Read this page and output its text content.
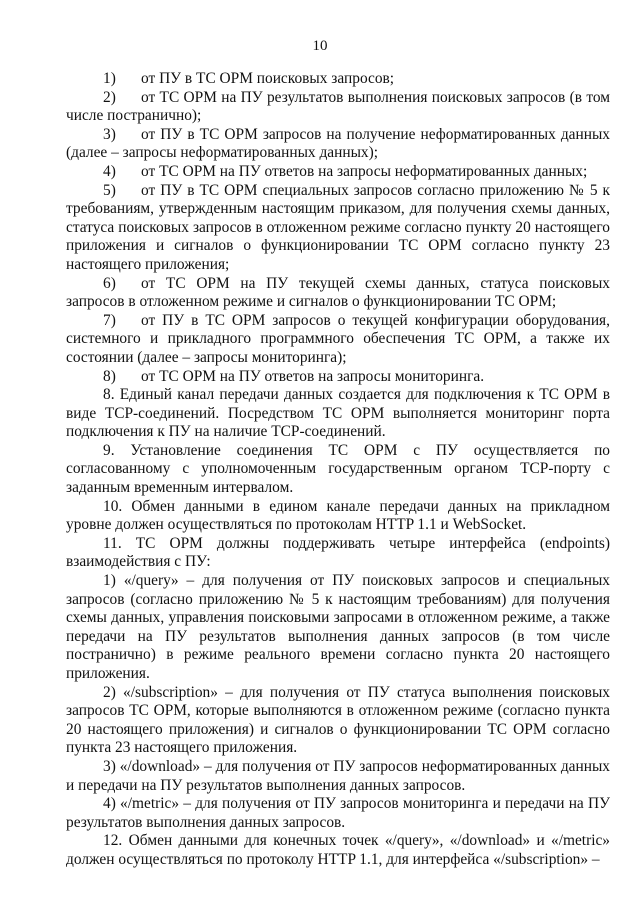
10

1) от ПУ в ТС ОРМ поисковых запросов;

2) от ТС ОРМ на ПУ результатов выполнения поисковых запросов (в том числе постранично);

3) от ПУ в ТС ОРМ запросов на получение неформатированных данных (далее – запросы неформатированных данных);

4) от ТС ОРМ на ПУ ответов на запросы неформатированных данных;

5) от ПУ в ТС ОРМ специальных запросов согласно приложению № 5 к требованиям, утвержденным настоящим приказом, для получения схемы данных, статуса поисковых запросов в отложенном режиме согласно пункту 20 настоящего приложения и сигналов о функционировании ТС ОРМ согласно пункту 23 настоящего приложения;

6) от ТС ОРМ на ПУ текущей схемы данных, статуса поисковых запросов в отложенном режиме и сигналов о функционировании ТС ОРМ;

7) от ПУ в ТС ОРМ запросов о текущей конфигурации оборудования, системного и прикладного программного обеспечения ТС ОРМ, а также их состоянии (далее – запросы мониторинга);

8) от ТС ОРМ на ПУ ответов на запросы мониторинга.

8. Единый канал передачи данных создается для подключения к ТС ОРМ в виде TCP-соединений. Посредством ТС ОРМ выполняется мониторинг порта подключения к ПУ на наличие TCP-соединений.

9. Установление соединения ТС ОРМ с ПУ осуществляется по согласованному с уполномоченным государственным органом TCP-порту с заданным временным интервалом.

10. Обмен данными в едином канале передачи данных на прикладном уровне должен осуществляться по протоколам HTTP 1.1 и WebSocket.

11. ТС ОРМ должны поддерживать четыре интерфейса (endpoints) взаимодействия с ПУ:

1) «/query» – для получения от ПУ поисковых запросов и специальных запросов (согласно приложению № 5 к настоящим требованиям) для получения схемы данных, управления поисковыми запросами в отложенном режиме, а также передачи на ПУ результатов выполнения данных запросов (в том числе постранично) в режиме реального времени согласно пункта 20 настоящего приложения.

2) «/subscription» – для получения от ПУ статуса выполнения поисковых запросов ТС ОРМ, которые выполняются в отложенном режиме (согласно пункта 20 настоящего приложения) и сигналов о функционировании ТС ОРМ согласно пункта 23 настоящего приложения.

3) «/download» – для получения от ПУ запросов неформатированных данных и передачи на ПУ результатов выполнения данных запросов.

4) «/metric» – для получения от ПУ запросов мониторинга и передачи на ПУ результатов выполнения данных запросов.

12. Обмен данными для конечных точек «/query», «/download» и «/metric» должен осуществляться по протоколу HTTP 1.1, для интерфейса «/subscription» –
